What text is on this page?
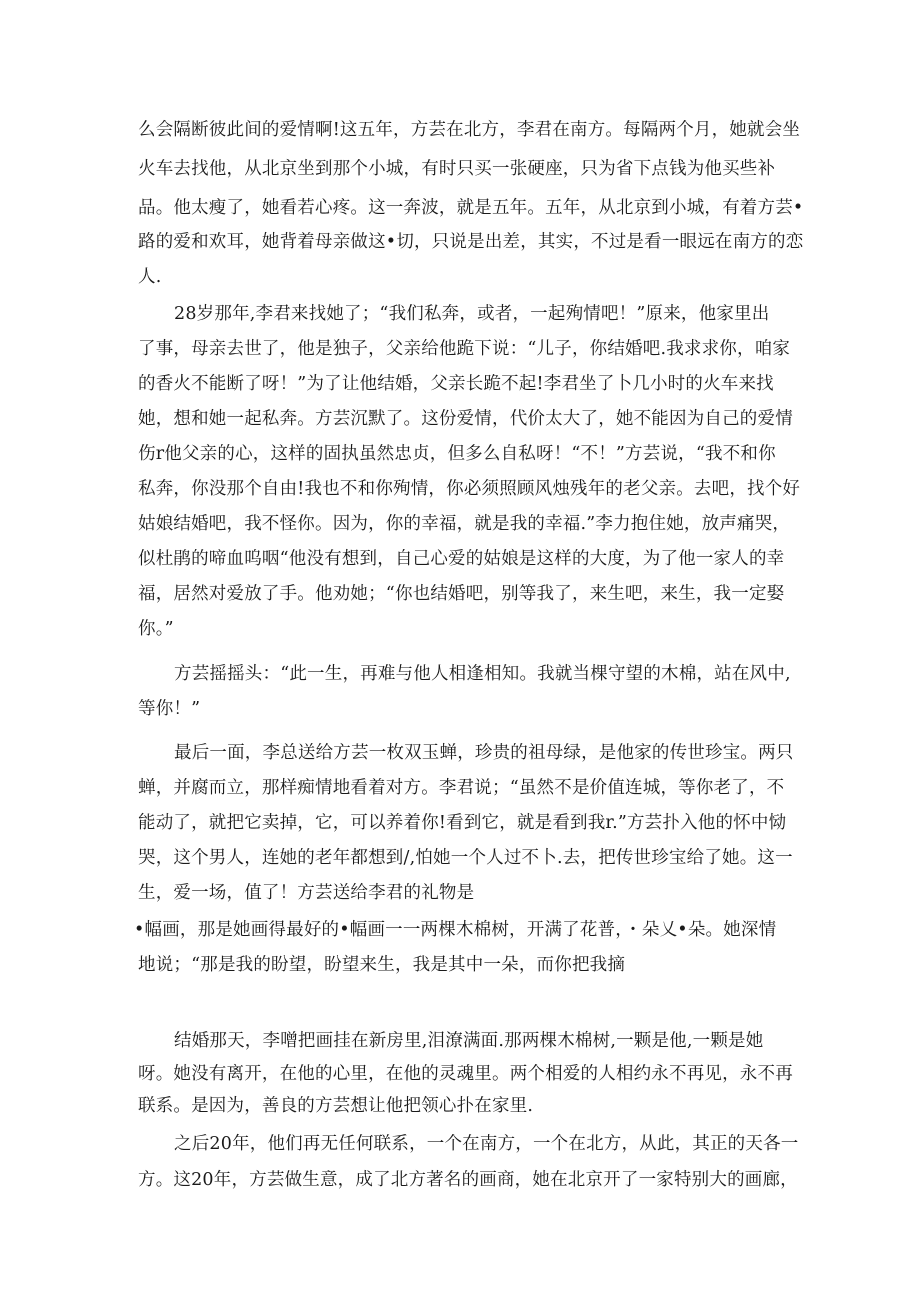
么会隔断彼此间的爱情啊!这五年，方芸在北方，李君在南方。每隔两个月，她就会坐
火车去找他，从北京坐到那个小城，有时只买一张硬座，只为省下点钱为他买些补
品。他太瘦了，她看若心疼。这一奔波，就是五年。五年，从北京到小城，有着方芸•
路的爱和欢耳，她背着母亲做这•切，只说是出差，其实，不过是看一眼远在南方的恋
人.
28岁那年,李君来找她了；“我们私奔，或者，一起殉情吧！”原来，他家里出
了事，母亲去世了，他是独子，父亲给他跪下说：“儿子，你结婚吧.我求求你，咱家
的香火不能断了呀！”为了让他结婚，父亲长跪不起!李君坐了卜几小时的火车来找
她，想和她一起私奔。方芸沉默了。这份爱情，代价太大了，她不能因为自己的爱情
伤r他父亲的心，这样的固执虽然忠贞，但多么自私呀！“不！”方芸说，“我不和你
私奔，你没那个自由!我也不和你殉情，你必须照顾风烛残年的老父亲。去吧，找个好
姑娘结婚吧，我不怪你。因为，你的幸福，就是我的幸福.”李力抱住她，放声痛哭，
似杜鹃的啼血呜咽“他没有想到，自己心爱的姑娘是这样的大度，为了他一家人的幸
福，居然对爱放了手。他劝她；“你也结婚吧，别等我了，来生吧，来生，我一定娶
你。”
方芸摇摇头：“此一生，再难与他人相逢相知。我就当棵守望的木棉，站在风中,
等你！”
最后一面，李总送给方芸一枚双玉蝉，珍贵的祖母绿，是他家的传世珍宝。两只
蝉，并腐而立，那样痴情地看着对方。李君说；“虽然不是价值连城，等你老了，不
能动了，就把它卖掉，它，可以养着你!看到它，就是看到我r.”方芸扑入他的怀中恸
哭，这个男人，连她的老年都想到/,怕她一个人过不卜.去，把传世珍宝给了她。这一
生，爱一场，值了！方芸送给李君的礼物是
•幅画，那是她画得最好的•幅画一一两棵木棉树，开满了花普，・朵乂•朵。她深情
地说；“那是我的盼望，盼望来生，我是其中一朵，而你把我摘
结婚那天，李噌把画挂在新房里,泪潦满面.那两棵木棉树,一颗是他,一颗是她
呀。她没有离开，在他的心里，在他的灵魂里。两个相爱的人相约永不再见，永不再
联系。是因为，善良的方芸想让他把领心扑在家里.
之后20年，他们再无任何联系，一个在南方，一个在北方，从此，其正的天各一
方。这20年，方芸做生意，成了北方著名的画商，她在北京开了一家特别大的画廊，
